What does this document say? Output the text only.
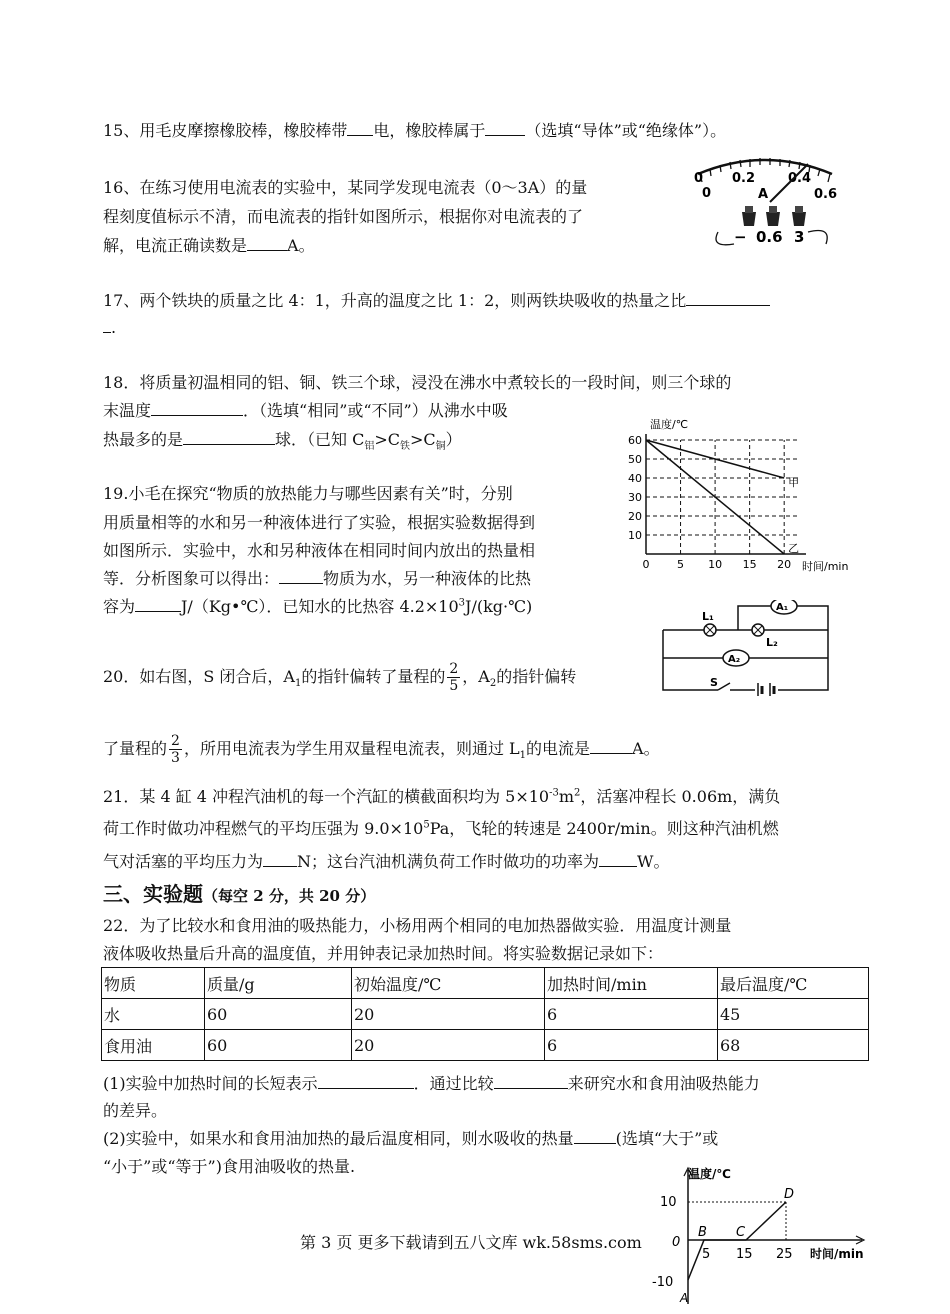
15、用毛皮摩擦橡胶棒，橡胶棒带 电，橡胶棒属于	（选填“导体”或“绝缘体”）。
16、在练习使用电流表的实验中，某同学发现电流表（0～3A）的量
程刻度值标示不清，而电流表的指针如图所示，根据你对电流表的了
解，电流正确读数是	A。
0 0.2	0.4
0	0.6
A
− 0.6 3
17、两个铁块的质量之比 4：1，升高的温度之比 1：2，则两铁块吸收的热量之比
.
18．将质量初温相同的铝、铜、铁三个球，浸没在沸水中煮较长的一段时间，则三个球的
末温度	．（选填“相同”或“不同”）从沸水中吸
热最多的是	球．（已知 $C_铝>C_铁>C_铜$）
19.小毛在探究“物质的放热能力与哪些因素有关”时，分别
用质量相等的水和另一种液体进行了实验，根据实验数据得到
如图所示．实验中，水和另种液体在相同时间内放出的热量相
等．分析图象可以得出：	物质为水，另一种液体的比热
容为	J/（Kg•℃）．已知水的比热容 $4.2\times 10^3J/(kg\cdot℃)$
10
20
30
40
50
60
0	5 10 15 20
甲
乙
温度/℃
时间/min
L₁
L₂
A₁
A₂
S
20．如右图，S 闭合后，$A_1$的指针偏转了量程的 $\frac{2}{5}$ ，$A_2$的指针偏转
了量程的 $\frac{2}{3}$ ，所用电流表为学生用双量程电流表，则通过 $L_1$的电流是	A。
21．某 4 缸 4 冲程汽油机的每一个汽缸的横截面积均为 $5\times 10^{-3}m^2$，活塞冲程长 0.06m，满负
荷工作时做功冲程燃气的平均压强为 $9.0\times 10^5Pa$，飞轮的转速是 2400r/min。则这种汽油机燃
气对活塞的平均压力为 N；这台汽油机满负荷工作时做功的功率为 W。
三、实验题（每空 2 分，共 20 分）
22．为了比较水和食用油的吸热能力，小杨用两个相同的电加热器做实验．用温度计测量
液体吸收热量后升高的温度值，并用钟表记录加热时间。将实验数据记录如下：
物质	质量/g	初始温度/℃	加热时间/min	最后温度/℃
水	60	20	6	45
食用油	60	20	6	68
(1)实验中加热时间的长短表示	．通过比较	来研究水和食用油吸热能力
的差异。
(2)实验中，如果水和食用油加热的最后温度相同，则水吸收的热量	(选填“大于”或
“小于”或“等于”)食用油吸收的热量.	温度/℃
时间/min
10
-10
0
5 15 25
A
B C
D
第 3 页 更多下载请到五八文库 wk.58sms.com
